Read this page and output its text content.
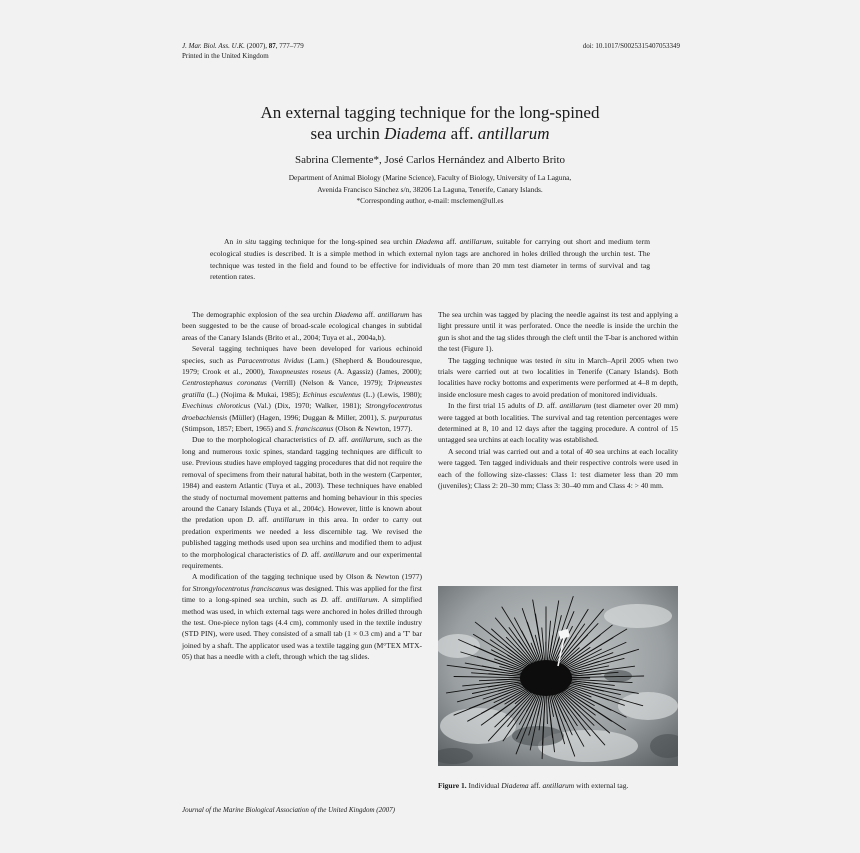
J. Mar. Biol. Ass. U.K. (2007), 87, 777–779
Printed in the United Kingdom
doi: 10.1017/S0025315407053349
An external tagging technique for the long-spined
sea urchin Diadema aff. antillarum
Sabrina Clemente*, José Carlos Hernández and Alberto Brito
Department of Animal Biology (Marine Science), Faculty of Biology, University of La Laguna,
Avenida Francisco Sánchez s/n, 38206 La Laguna, Tenerife, Canary Islands.
*Corresponding author, e-mail: msclemen@ull.es

An in situ tagging technique for the long-spined sea urchin Diadema aff. antillarum, suitable for carrying out short and medium term ecological studies is described. It is a simple method in which external nylon tags are anchored in holes drilled through the urchin test. The technique was tested in the field and found to be effective for individuals of more than 20 mm test diameter in terms of survival and tag retention rates.

The demographic explosion of the sea urchin Diadema aff. antillarum has been suggested to be the cause of broad-scale ecological changes in subtidal areas of the Canary Islands (Brito et al., 2004; Tuya et al., 2004a,b).

Several tagging techniques have been developed for various echinoid species, such as Paracentrotus lividus (Lam.) (Shepherd & Boudouresque, 1979; Crook et al., 2000), Toxopneustes roseus (A. Agassiz) (James, 2000); Centrostephanus coronatus (Verrill) (Nelson & Vance, 1979); Tripneustes gratilla (L.) (Nojima & Mukai, 1985); Echinus esculentus (L.) (Lewis, 1980); Evechinus chloroticus (Val.) (Dix, 1970; Walker, 1981); Strongylocentrotus droebachiensis (Müller) (Hagen, 1996; Duggan & Miller, 2001), S. purpuratus (Stimpson, 1857; Ebert, 1965) and S. franciscanus (Olson & Newton, 1977).

Due to the morphological characteristics of D. aff. antillarum, such as the long and numerous toxic spines, standard tagging techniques are difficult to use. Previous studies have employed tagging procedures that did not require the removal of specimens from their natural habitat, both in the western (Carpenter, 1984) and eastern Atlantic (Tuya et al., 2003). These techniques have enabled the study of nocturnal movement patterns and homing behaviour in this species around the Canary Islands (Tuya et al., 2004c). However, little is known about the predation upon D. aff. antillarum in this area. In order to carry out predation experiments we needed a less discernible tag. We revised the published tagging methods used upon sea urchins and modified them to adjust to the morphological characteristics of D. aff. antillarum and our experimental requirements.

A modification of the tagging technique used by Olson & Newton (1977) for Strongylocentrotus franciscanus was designed. This was applied for the first time to a long-spined sea urchin, such as D. aff. antillarum. A simplified method was used, in which external tags were anchored in holes drilled through the test. One-piece nylon tags (4.4 cm), commonly used in the textile industry (STD PIN), were used. They consisted of a small tab (1 × 0.3 cm) and a 'T' bar joined by a shaft. The applicator used was a textile tagging gun (M°TEX MTX-05) that has a needle with a cleft, through which the tag slides.

The sea urchin was tagged by placing the needle against its test and applying a light pressure until it was perforated. Once the needle is inside the urchin the gun is shot and the tag slides through the cleft until the T-bar is anchored within the test (Figure 1).

The tagging technique was tested in situ in March–April 2005 when two trials were carried out at two localities in Tenerife (Canary Islands). Both localities have rocky bottoms and experiments were performed at 4–8 m depth, inside enclosure mesh cages to avoid predation of monitored individuals.

In the first trial 15 adults of D. aff. antillarum (test diameter over 20 mm) were tagged at both localities. The survival and tag retention percentages were determined at 8, 10 and 12 days after the tagging procedure. A control of 15 untagged sea urchins at each locality was established.

A second trial was carried out and a total of 40 sea urchins at each locality were tagged. Ten tagged individuals and their respective controls were used in each of the following size-classes: Class 1: test diameter less than 20 mm (juveniles); Class 2: 20–30 mm; Class 3: 30–40 mm and Class 4: > 40 mm.

Figure 1. Individual Diadema aff. antillarum with external tag.
Journal of the Marine Biological Association of the United Kingdom (2007)
